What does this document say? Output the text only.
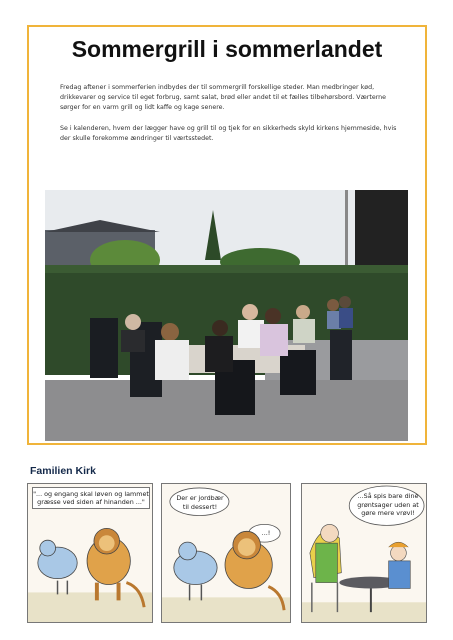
Sommergrill i sommerlandet
Fredag aftener i sommerferien indbydes der til sommergrill forskellige steder. Man medbringer kød, drikkevarer og service til eget forbrug, samt salat, brød eller andet til et fælles tilbehørsbord. Værterne sørger for en varm grill og lidt kaffe og kage senere.
Se i kalenderen, hvem der lægger have og grill til og tjek for en sikkerheds skyld kirkens hjemmeside, hvis der skulle forekomme ændringer til værtsstedet.
Familien Kirk
"... og engang skal løven og lammet græsse ved siden af hinanden ..."	Der er jordbær til dessert!
...!
...Så spis bare dine grøntsager uden at gøre mere vrøvl!
